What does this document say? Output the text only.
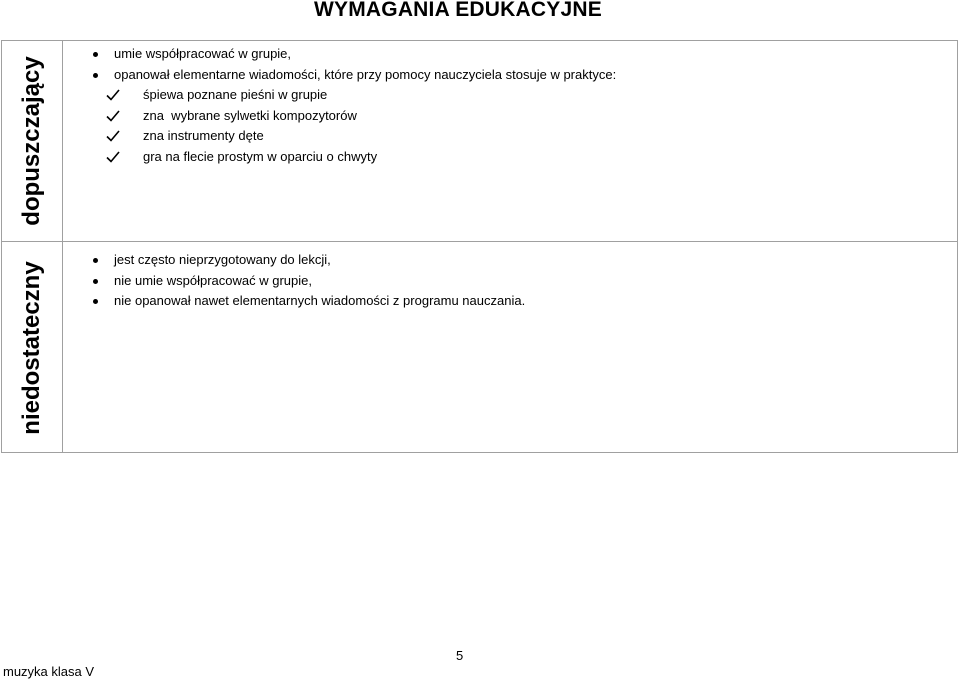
WYMAGANIA EDUKACYJNE
dopuszczający
umie współpracować w grupie,
opanował elementarne wiadomości, które przy pomocy nauczyciela stosuje w praktyce:
śpiewa poznane pieśni w grupie
zna  wybrane sylwetki kompozytorów
zna instrumenty dęte
gra na flecie prostym w oparciu o chwyty
niedostateczny
jest często nieprzygotowany do lekcji,
nie umie współpracować w grupie,
nie opanował nawet elementarnych wiadomości z programu nauczania.
5
muzyka klasa V
